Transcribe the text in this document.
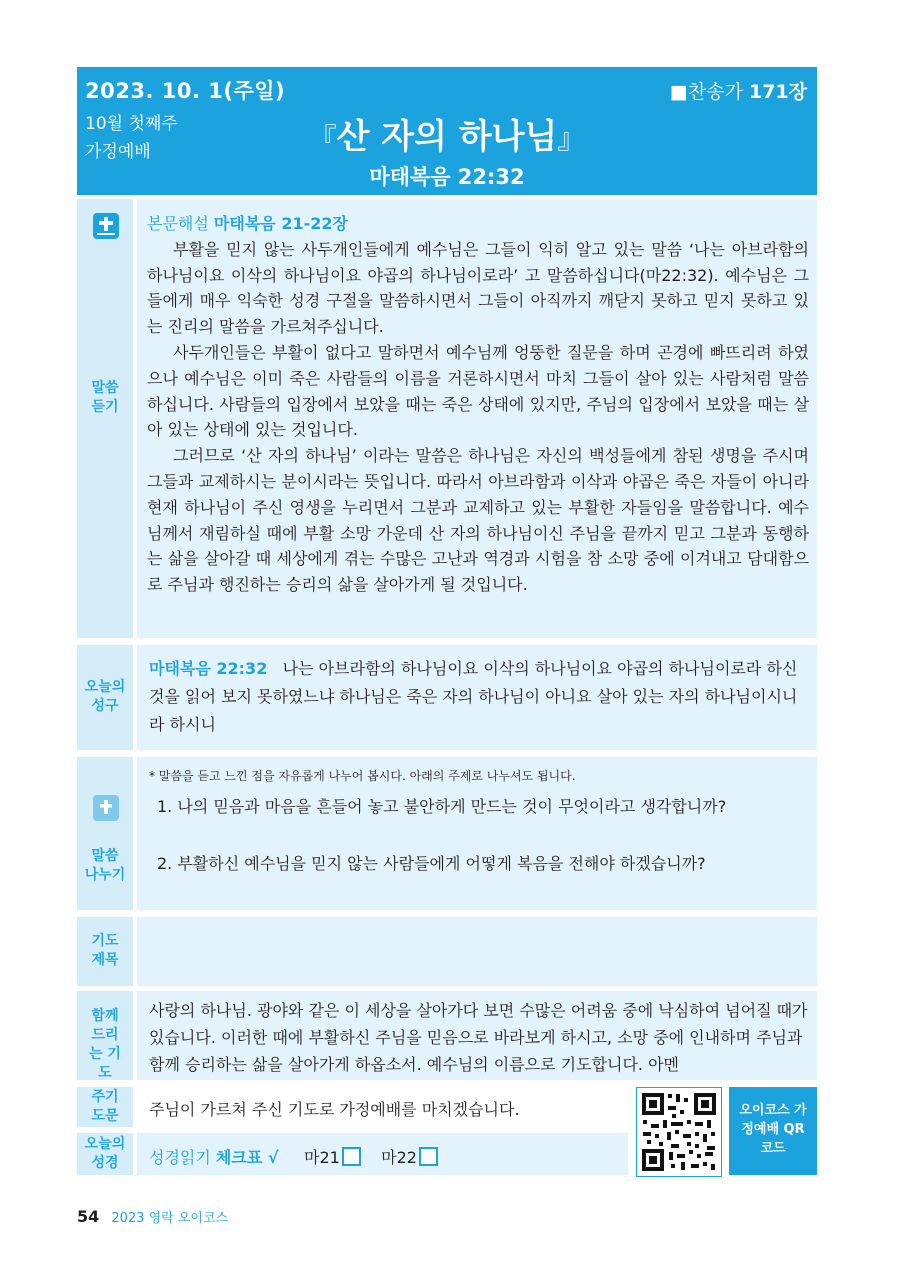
2023. 10. 1(주일)
10월 첫째주
가정예배
■찬송가 171장
『산 자의 하나님』
마태복음 22:32
말씀 듣기
본문해설 마태복음 21-22장

부활을 믿지 않는 사두개인들에게 예수님은 그들이 익히 알고 있는 말씀 ‘나는 아브라함의 하나님이요 이삭의 하나님이요 야곱의 하나님이로라’ 고 말씀하십니다(마22:32). 예수님은 그들에게 매우 익숙한 성경 구절을 말씀하시면서 그들이 아직까지 깨닫지 못하고 믿지 못하고 있는 진리의 말씀을 가르쳐주십니다.

사두개인들은 부활이 없다고 말하면서 예수님께 엉뚱한 질문을 하며 곤경에 빠뜨리려 하였으나 예수님은 이미 죽은 사람들의 이름을 거론하시면서 마치 그들이 살아 있는 사람처럼 말씀하십니다. 사람들의 입장에서 보았을 때는 죽은 상태에 있지만, 주님의 입장에서 보았을 때는 살아 있는 상태에 있는 것입니다.

그러므로 ‘산 자의 하나님’ 이라는 말씀은 하나님은 자신의 백성들에게 참된 생명을 주시며 그들과 교제하시는 분이시라는 뜻입니다. 따라서 아브라함과 이삭과 야곱은 죽은 자들이 아니라 현재 하나님이 주신 영생을 누리면서 그분과 교제하고 있는 부활한 자들임을 말씀합니다. 예수님께서 재림하실 때에 부활 소망 가운데 산 자의 하나님이신 주님을 끝까지 믿고 그분과 동행하는 삶을 살아갈 때 세상에게 겪는 수많은 고난과 역경과 시험을 참 소망 중에 이겨내고 담대함으로 주님과 행진하는 승리의 삶을 살아가게 될 것입니다.

오늘의 성구
마태복음 22:32 나는 아브라함의 하나님이요 이삭의 하나님이요 야곱의 하나님이로라 하신 것을 읽어 보지 못하였느냐 하나님은 죽은 자의 하나님이 아니요 살아 있는 자의 하나님이시니라 하시니
말씀 나누기
* 말씀을 듣고 느낀 점을 자유롭게 나누어 봅시다. 아래의 주제로 나누셔도 됩니다.
1. 나의 믿음과 마음을 흔들어 놓고 불안하게 만드는 것이 무엇이라고 생각합니까?
2. 부활하신 예수님을 믿지 않는 사람들에게 어떻게 복음을 전해야 하겠습니까?
기도 제목
함께 드리는 기도
사랑의 하나님. 광야와 같은 이 세상을 살아가다 보면 수많은 어려움 중에 낙심하여 넘어질 때가 있습니다. 이러한 때에 부활하신 주님을 믿음으로 바라보게 하시고, 소망 중에 인내하며 주님과 함께 승리하는 삶을 살아가게 하옵소서. 예수님의 이름으로 기도합니다. 아멘
주기 도문 주님이 가르쳐 주신 기도로 가정예배를 마치겠습니다.
오늘의 성경	성경읽기 체크표 √ 마21	마22
오이코스 가정예배 QR코드
54 2023 영락 오이코스
